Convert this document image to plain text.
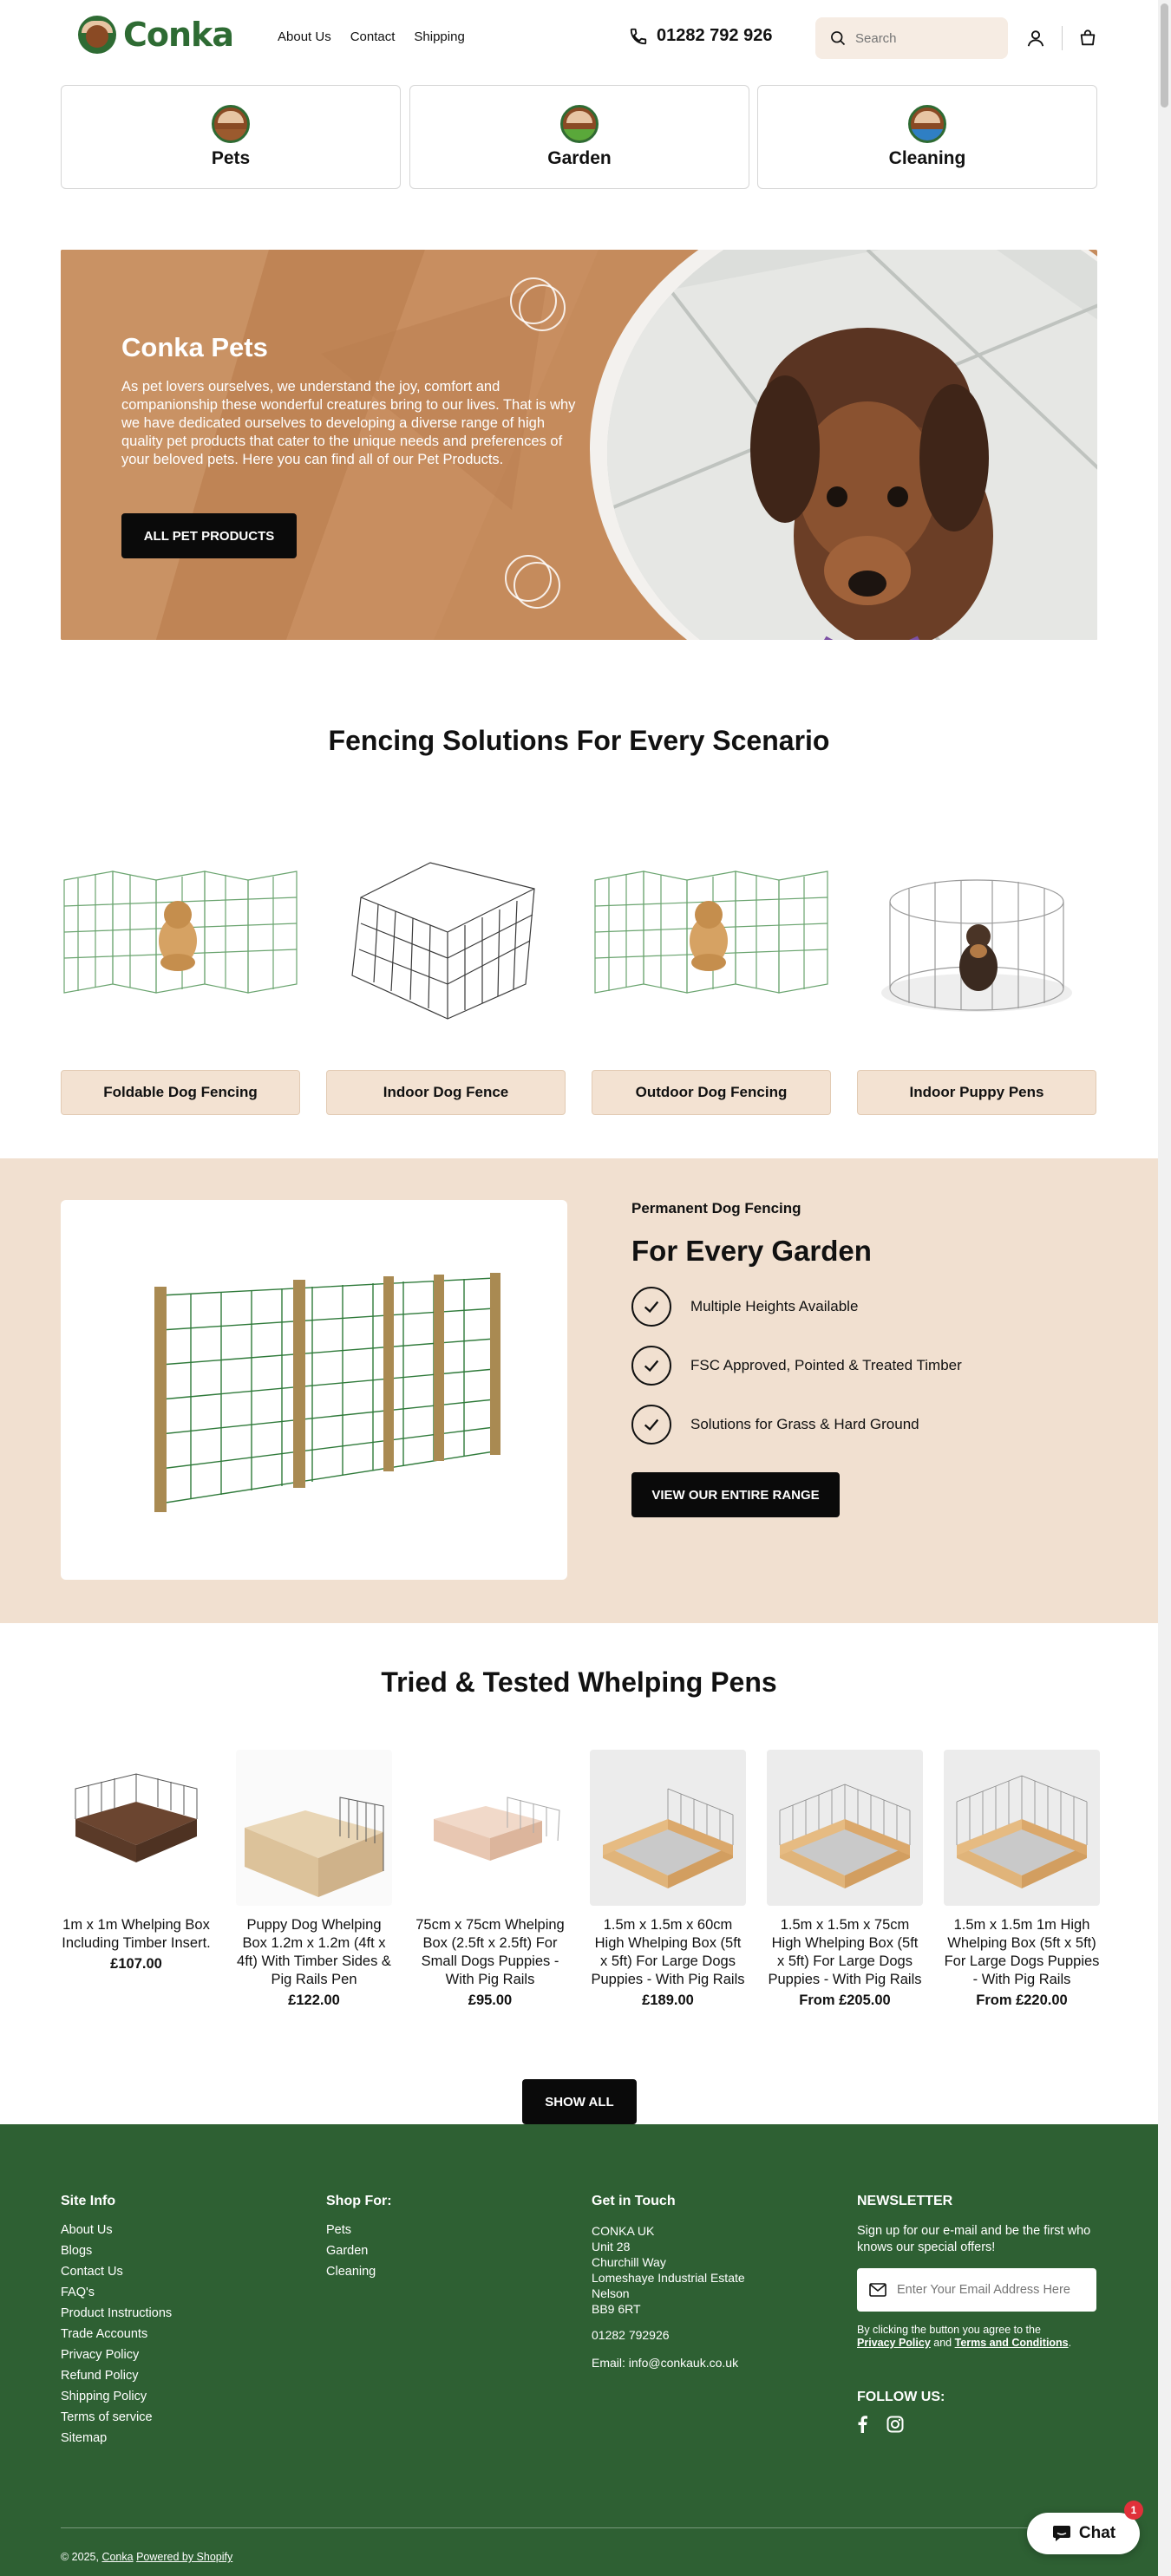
Conka	About Us Contact Shipping	01282 792 926
Search
Pets	Garden	Cleaning
Conka Pets

As pet lovers ourselves, we understand the joy, comfort and companionship these wonderful creatures bring to our lives. That is why we have dedicated ourselves to developing a diverse range of high quality pet products that cater to the unique needs and preferences of your beloved pets. Here you can find all of our Pet Products.

ALL PET PRODUCTS
Fencing Solutions For Every Scenario
Foldable Dog Fencing	Indoor Dog Fence	Outdoor Dog Fencing	Indoor Puppy Pens
Permanent Dog Fencing
For Every Garden
Multiple Heights Available
FSC Approved, Pointed & Treated Timber
Solutions for Grass & Hard Ground
VIEW OUR ENTIRE RANGE
Tried & Tested Whelping Pens
1m x 1m Whelping Box Including Timber Insert.
£107.00
Puppy Dog Whelping Box 1.2m x 1.2m (4ft x 4ft) With Timber Sides & Pig Rails Pen
£122.00
75cm x 75cm Whelping Box (2.5ft x 2.5ft) For Small Dogs Puppies - With Pig Rails
£95.00
1.5m x 1.5m x 60cm High Whelping Box (5ft x 5ft) For Large Dogs Puppies - With Pig Rails
£189.00
1.5m x 1.5m x 75cm High Whelping Box (5ft x 5ft) For Large Dogs Puppies - With Pig Rails
From £205.00
1.5m x 1.5m 1m High Whelping Box (5ft x 5ft) For Large Dogs Puppies - With Pig Rails
From £220.00
SHOW ALL
Site Info
About Us
Blogs
Contact Us
FAQ's
Product Instructions
Trade Accounts
Privacy Policy
Refund Policy
Shipping Policy
Terms of service
Sitemap
Shop For:
Pets
Garden
Cleaning
Get in Touch
CONKA UK
Unit 28
Churchill Way
Lomeshaye Industrial Estate
Nelson
BB9 6RT
01282 792926
Email: info@conkauk.co.uk
NEWSLETTER
Sign up for our e-mail and be the first who knows our special offers!
Enter Your Email Address Here
By clicking the button you agree to the
Privacy Policy and Terms and Conditions.
FOLLOW US:
© 2025, Conka Powered by Shopify
Chat
1
